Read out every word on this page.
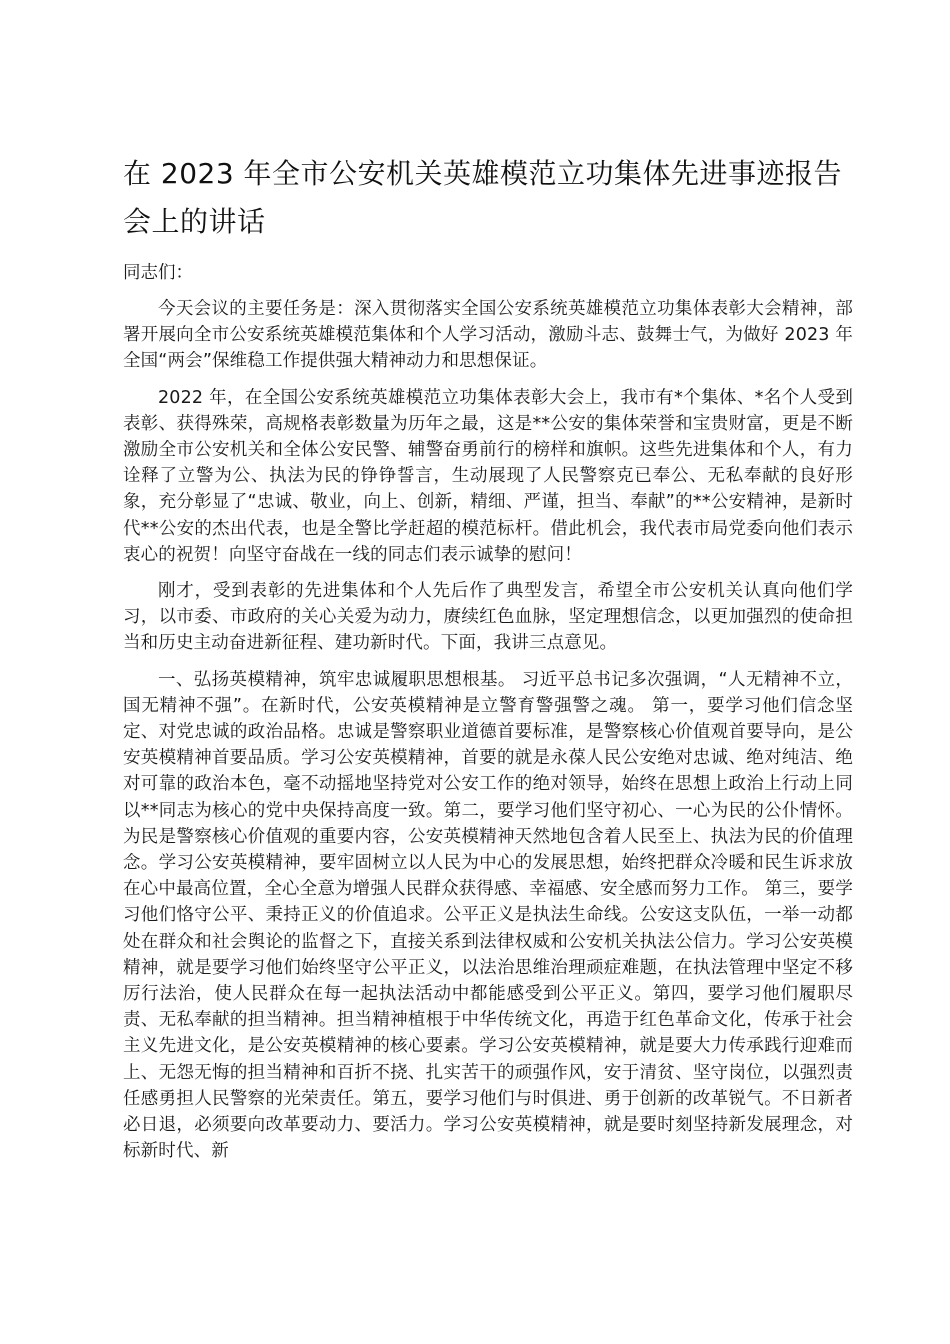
在 2023 年全市公安机关英雄模范立功集体先进事迹报告会上的讲话

同志们：

今天会议的主要任务是：深入贯彻落实全国公安系统英雄模范立功集体表彰大会精神，部署开展向全市公安系统英雄模范集体和个人学习活动，激励斗志、鼓舞士气，为做好 2023 年全国“两会”保维稳工作提供强大精神动力和思想保证。

2022 年，在全国公安系统英雄模范立功集体表彰大会上，我市有*个集体、*名个人受到表彰、获得殊荣，高规格表彰数量为历年之最，这是**公安的集体荣誉和宝贵财富，更是不断激励全市公安机关和全体公安民警、辅警奋勇前行的榜样和旗帜。这些先进集体和个人，有力诠释了立警为公、执法为民的铮铮誓言，生动展现了人民警察克已奉公、无私奉献的良好形象，充分彰显了“忠诚、敬业，向上、创新，精细、严谨，担当、奉献”的**公安精神，是新时代**公安的杰出代表，也是全警比学赶超的模范标杆。借此机会，我代表市局党委向他们表示衷心的祝贺！向坚守奋战在一线的同志们表示诚挚的慰问！

刚才，受到表彰的先进集体和个人先后作了典型发言，希望全市公安机关认真向他们学习，以市委、市政府的关心关爱为动力，赓续红色血脉，坚定理想信念，以更加强烈的使命担当和历史主动奋进新征程、建功新时代。下面，我讲三点意见。

一、弘扬英模精神，筑牢忠诚履职思想根基。 习近平总书记多次强调，“人无精神不立，国无精神不强”。在新时代，公安英模精神是立警育警强警之魂。 第一，要学习他们信念坚定、对党忠诚的政治品格。忠诚是警察职业道德首要标准，是警察核心价值观首要导向，是公安英模精神首要品质。学习公安英模精神，首要的就是永葆人民公安绝对忠诚、绝对纯洁、绝对可靠的政治本色，毫不动摇地坚持党对公安工作的绝对领导，始终在思想上政治上行动上同以**同志为核心的党中央保持高度一致。第二，要学习他们坚守初心、一心为民的公仆情怀。为民是警察核心价值观的重要内容，公安英模精神天然地包含着人民至上、执法为民的价值理念。学习公安英模精神，要牢固树立以人民为中心的发展思想，始终把群众冷暖和民生诉求放在心中最高位置，全心全意为增强人民群众获得感、幸福感、安全感而努力工作。 第三，要学习他们恪守公平、秉持正义的价值追求。公平正义是执法生命线。公安这支队伍，一举一动都处在群众和社会舆论的监督之下，直接关系到法律权威和公安机关执法公信力。学习公安英模精神，就是要学习他们始终坚守公平正义，以法治思维治理顽症难题，在执法管理中坚定不移厉行法治，使人民群众在每一起执法活动中都能感受到公平正义。第四，要学习他们履职尽责、无私奉献的担当精神。担当精神植根于中华传统文化，再造于红色革命文化，传承于社会主义先进文化，是公安英模精神的核心要素。学习公安英模精神，就是要大力传承践行迎难而上、无怨无悔的担当精神和百折不挠、扎实苦干的顽强作风，安于清贫、坚守岗位，以强烈责任感勇担人民警察的光荣责任。第五，要学习他们与时俱进、勇于创新的改革锐气。不日新者必日退，必须要向改革要动力、要活力。学习公安英模精神，就是要时刻坚持新发展理念，对标新时代、新
